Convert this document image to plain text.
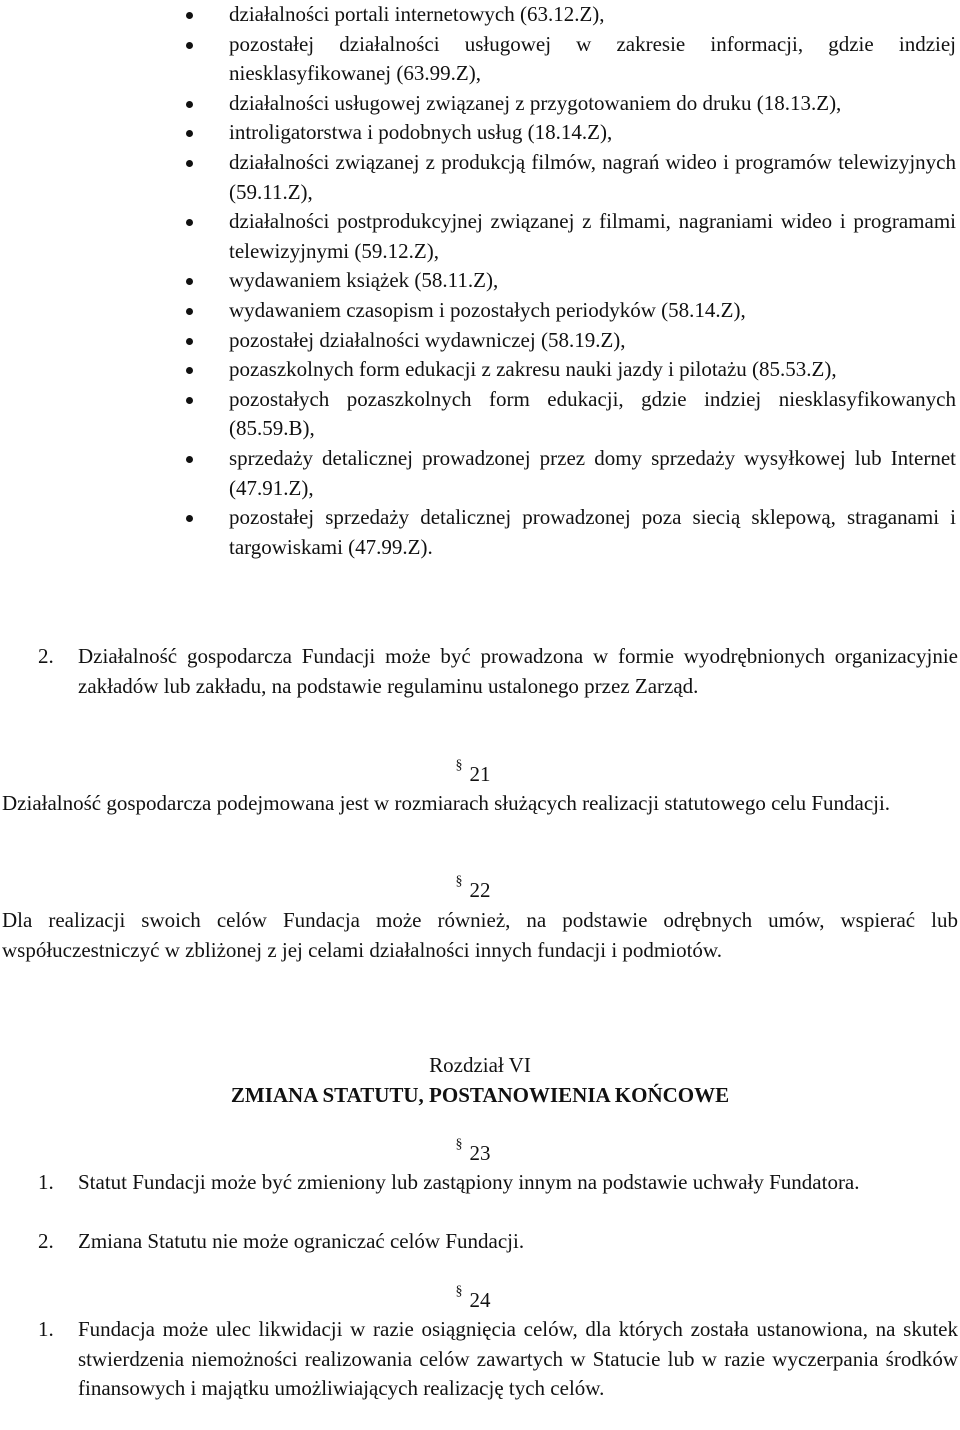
działalności portali internetowych (63.12.Z),
pozostałej działalności usługowej w zakresie informacji, gdzie indziej niesklasyfikowanej (63.99.Z),
działalności usługowej związanej z przygotowaniem do druku (18.13.Z),
introligatorstwa i podobnych usług (18.14.Z),
działalności związanej z produkcją filmów, nagrań wideo i programów telewizyjnych (59.11.Z),
działalności postprodukcyjnej związanej z filmami, nagraniami wideo i programami telewizyjnymi (59.12.Z),
wydawaniem książek (58.11.Z),
wydawaniem czasopism i pozostałych periodyków (58.14.Z),
pozostałej działalności wydawniczej (58.19.Z),
pozaszkolnych form edukacji z zakresu nauki jazdy i pilotażu (85.53.Z),
pozostałych pozaszkolnych form edukacji, gdzie indziej niesklasyfikowanych (85.59.B),
sprzedaży detalicznej prowadzonej przez domy sprzedaży wysyłkowej lub Internet (47.91.Z),
pozostałej sprzedaży detalicznej prowadzonej poza siecią sklepową, straganami i targowiskami (47.99.Z).
2.	Działalność gospodarcza Fundacji może być prowadzona w formie wyodrębnionych organizacyjnie zakładów lub zakładu, na podstawie regulaminu ustalonego przez Zarząd.
§ 21
Działalność gospodarcza podejmowana jest w rozmiarach służących realizacji statutowego celu Fundacji.
§ 22
Dla realizacji swoich celów Fundacja może również, na podstawie odrębnych umów, wspierać lub współuczestniczyć w zbliżonej z jej celami działalności innych fundacji i podmiotów.
Rozdział VI
ZMIANA STATUTU, POSTANOWIENIA KOŃCOWE
§ 23
1.	Statut Fundacji może być zmieniony lub zastąpiony innym na podstawie uchwały Fundatora.
2.	Zmiana Statutu nie może ograniczać celów Fundacji.
§ 24
1.	Fundacja może ulec likwidacji w razie osiągnięcia celów, dla których została ustanowiona, na skutek stwierdzenia niemożności realizowania celów zawartych w Statucie lub w razie wyczerpania środków finansowych i majątku umożliwiających realizację tych celów.
